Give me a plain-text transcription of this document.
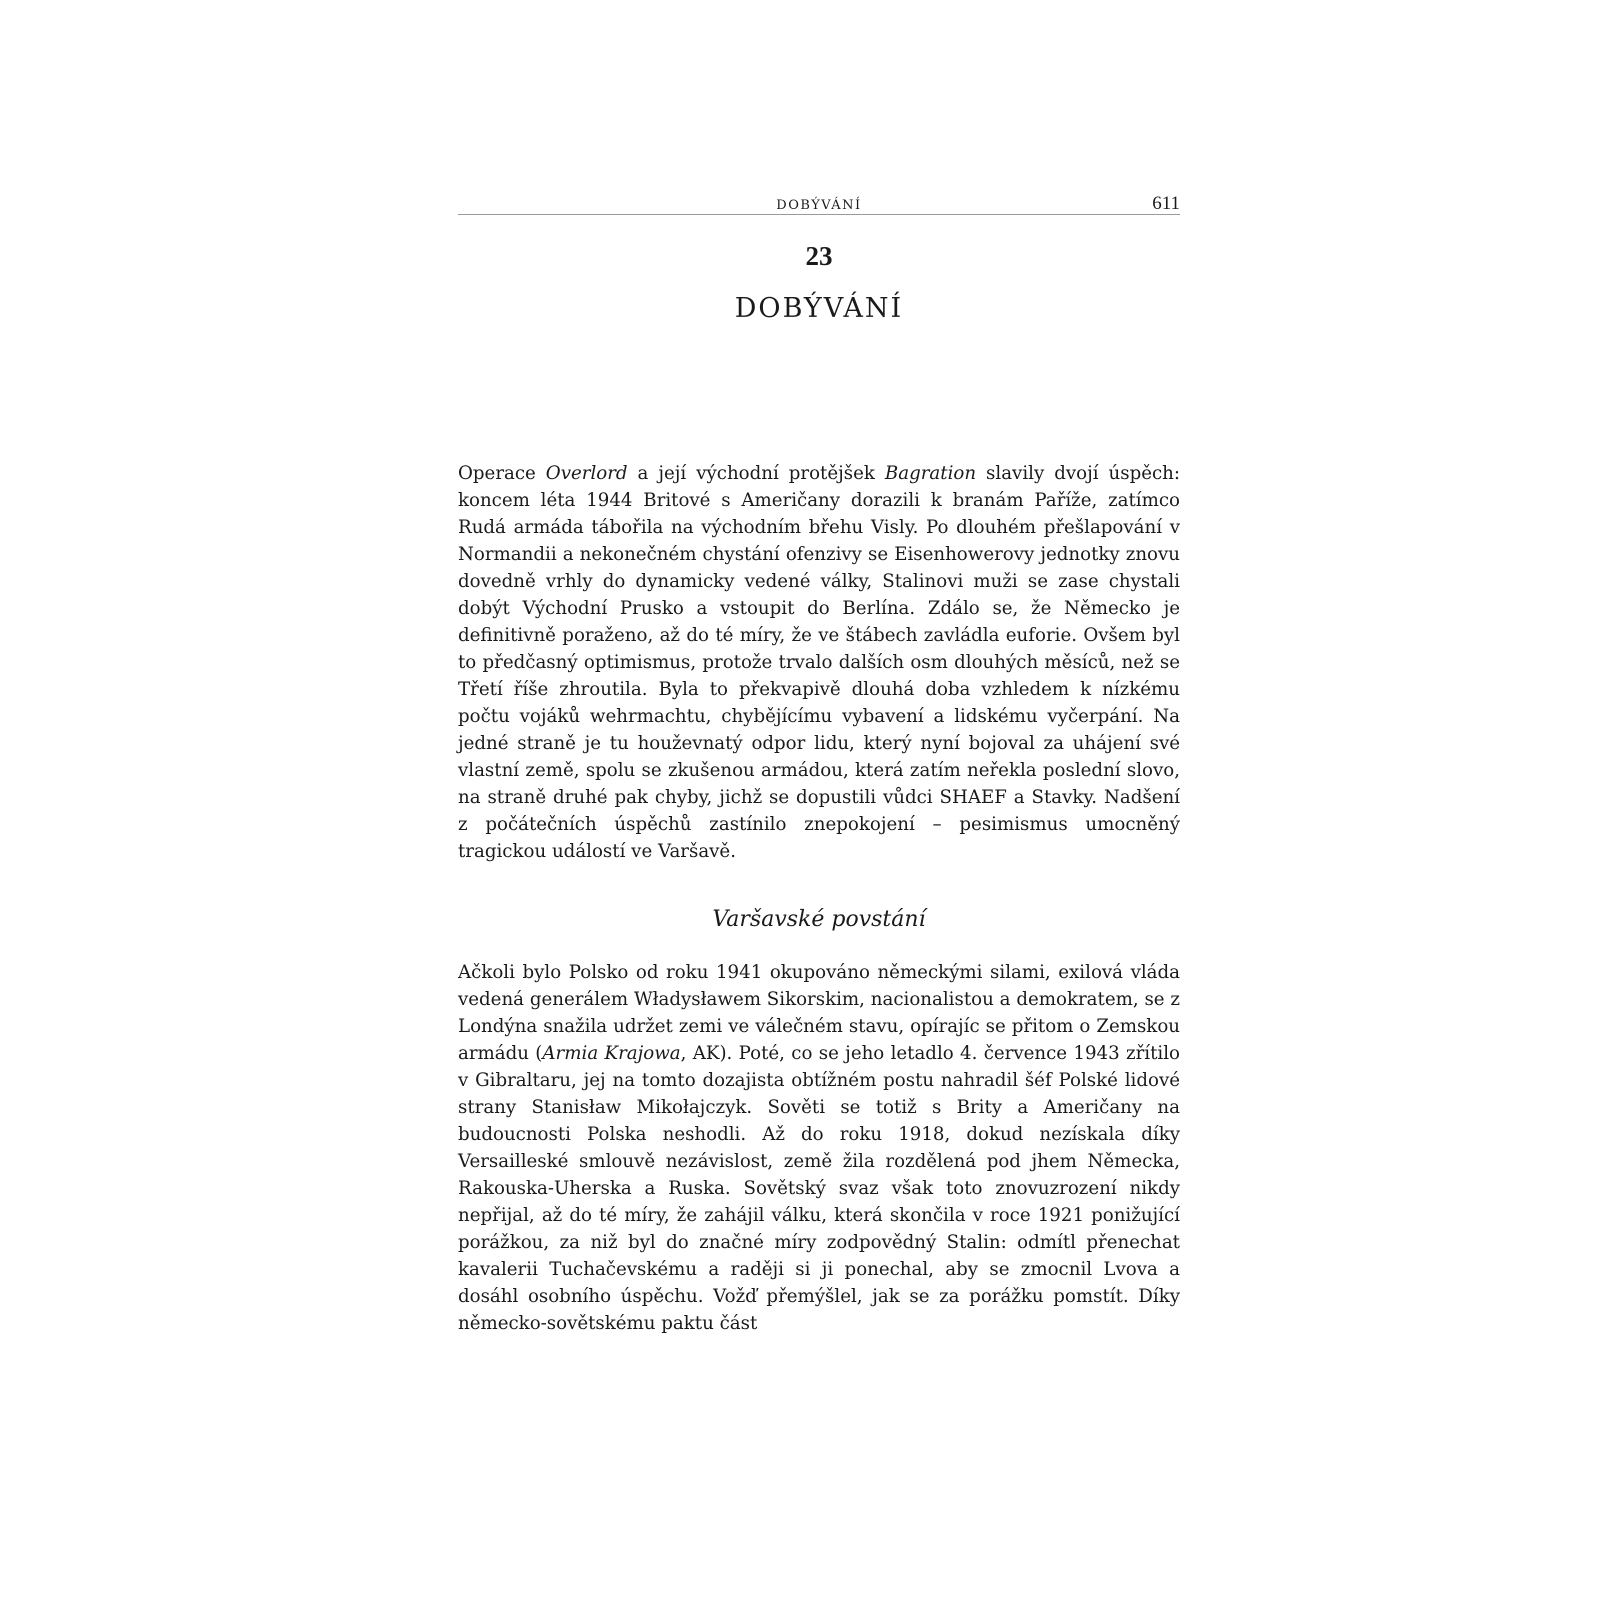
DOBÝVÁNÍ	611
23
DOBÝVÁNÍ

Operace Overlord a její východní protějšek Bagration slavily dvojí úspěch: koncem léta 1944 Britové s Američany dorazili k branám Paříže, zatímco Rudá armáda tábořila na východním břehu Visly. Po dlouhém přešlapování v Normandii a nekonečném chystání ofenzivy se Eisenhowerovy jednotky znovu dovedně vrhly do dynamicky vedené války, Stalinovi muži se zase chystali dobýt Východní Prusko a vstoupit do Berlína. Zdálo se, že Německo je definitivně poraženo, až do té míry, že ve štábech zavládla euforie. Ovšem byl to předčasný optimismus, protože trvalo dalších osm dlouhých měsíců, než se Třetí říše zhroutila. Byla to překvapivě dlouhá doba vzhledem k nízkému počtu vojáků wehrmachtu, chybějícímu vybavení a lidskému vyčerpání. Na jedné straně je tu houževnatý odpor lidu, který nyní bojoval za uhájení své vlastní země, spolu se zkušenou armádou, která zatím neřekla poslední slovo, na straně druhé pak chyby, jichž se dopustili vůdci SHAEF a Stavky. Nadšení z počátečních úspěchů zastínilo znepokojení – pesimismus umocněný tragickou událostí ve Varšavě.

Varšavské povstání

Ačkoli bylo Polsko od roku 1941 okupováno německými silami, exilová vláda vedená generálem Władysławem Sikorskim, nacionalistou a demokratem, se z Londýna snažila udržet zemi ve válečném stavu, opírajíc se přitom o Zemskou armádu (Armia Krajowa, AK). Poté, co se jeho letadlo 4. července 1943 zřítilo v Gibraltaru, jej na tomto dozajista obtížném postu nahradil šéf Polské lidové strany Stanisław Mikołajczyk. Sověti se totiž s Brity a Američany na budoucnosti Polska neshodli. Až do roku 1918, dokud nezískala díky Versailleské smlouvě nezávislost, země žila rozdělená pod jhem Německa, Rakouska-Uherska a Ruska. Sovětský svaz však toto znovuzrození nikdy nepřijal, až do té míry, že zahájil válku, která skončila v roce 1921 ponižující porážkou, za niž byl do značné míry zodpovědný Stalin: odmítl přenechat kavalerii Tuchačevskému a raději si ji ponechal, aby se zmocnil Lvova a dosáhl osobního úspěchu. Vožď přemýšlel, jak se za porážku pomstít. Díky německo-sovětskému paktu část
